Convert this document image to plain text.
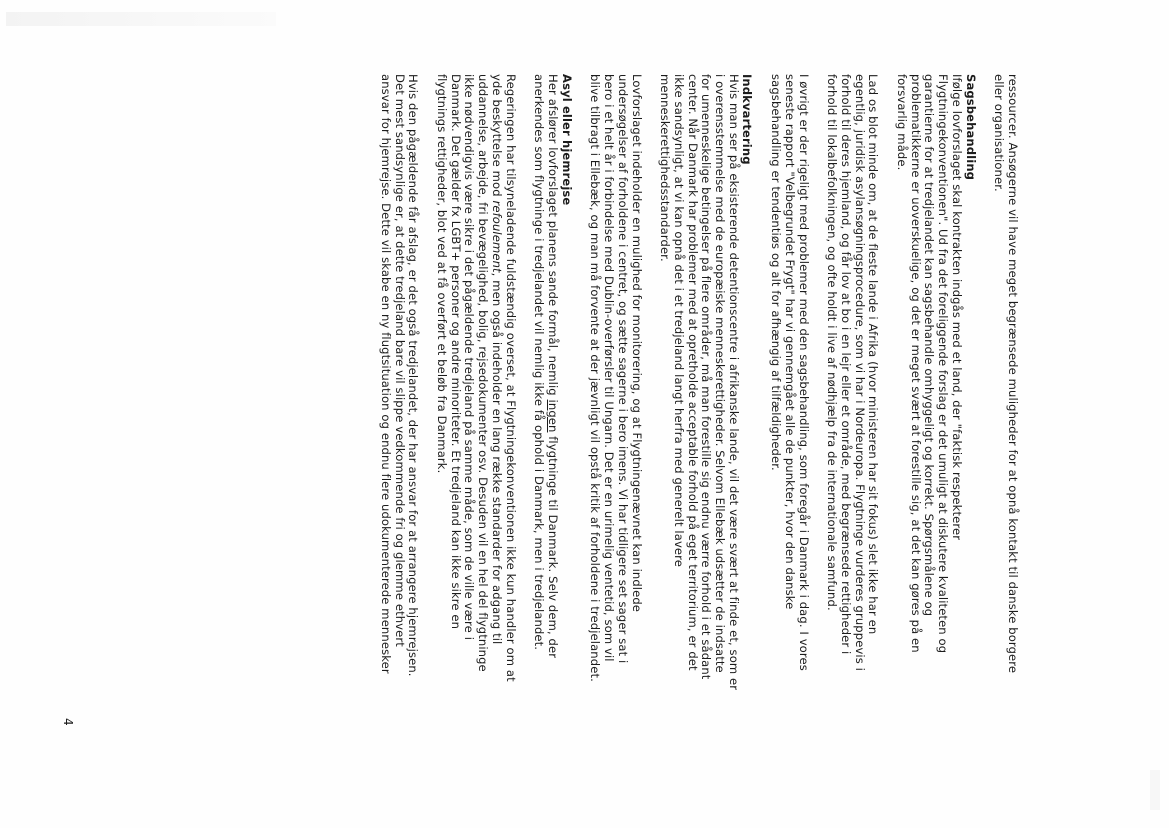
ressourcer. Ansøgerne vil have meget begrænsede muligheder for at opnå kontakt til danske borgere
eller organisationer.

Sagsbehandling
Ifølge lovforslaget skal kontrakten indgås med et land, der "faktisk respekterer
Flygtningekonventionen". Ud fra det foreliggende forslag er det umuligt at diskutere kvaliteten og
garantierne for at tredjelandet kan sagsbehandle omhyggeligt og korrekt. Spørgsmålene og
problematikkerne er uoverskuelige, og det er meget svært at forestille sig, at det kan gøres på en
forsvarlig måde.

Lad os blot minde om, at de fleste lande i Afrika (hvor ministeren har sit fokus) slet ikke har en
egentlig, juridisk asylansøgningsprocedure, som vi har i Nordeuropa. Flygtninge vurderes gruppevis i
forhold til deres hjemland, og får lov at bo i en lejr eller et område, med begrænsede rettigheder i
forhold til lokalbefolkningen, og ofte holdt i live af nødhjælp fra de internationale samfund.

I øvrigt er der rigeligt med problemer med den sagsbehandling, som foregår i Danmark i dag. I vores
seneste rapport "Velbegrundet Frygt" har vi gennemgået alle de punkter, hvor den danske
sagsbehandling er tendentiøs og alt for afhængig af tilfældigheder.

Indkvartering
Hvis man ser på eksisterende detentionscentre i afrikanske lande, vil det være svært at finde et, som er
i overensstemmelse med de europæiske menneskerettigheder. Selvom Ellebæk udsætter de indsatte
for umenneskelige betingelser på flere områder, må man forestille sig endnu værre forhold i et sådant
center. Når Danmark har problemer med at opretholde acceptable forhold på eget territorium, er det
ikke sandsynligt, at vi kan opnå det i et tredjeland langt herfra med generelt lavere
menneskerettighedsstandarder.

Lovforslaget indeholder en mulighed for monitorering, og at Flygtningenævnet kan indlede
undersøgelser af forholdene i centret, og sætte sagerne i bero imens. Vi har tidligere set sager sat i
bero i et helt år i forbindelse med Dublin-overførsler til Ungarn. Det er en urimelig ventetid, som vil
blive tilbragt i Ellebæk, og man må forvente at der jævnligt vil opstå kritik af forholdene i tredjelandet.

Asyl eller hjemrejse
Her afslører lovforslaget planens sande formål, nemlig ingen flygtninge til Danmark. Selv dem, der
anerkendes som flygtninge i tredjelandet vil nemlig ikke få ophold i Danmark, men i tredjelandet.

Regeringen har tilsyneladende fuldstændig overset, at Flygtningekonventionen ikke kun handler om at
yde beskyttelse mod refoulement, men også indeholder en lang række standarder for adgang til
uddannelse, arbejde, fri bevægelighed, bolig, rejsedokumenter osv. Desuden vil en hel del flygtninge
ikke nødvendigvis være sikre i det pågældende tredjeland på samme måde, som de ville være i
Danmark. Det gælder fx LGBT+ personer og andre minoriteter. Et tredjeland kan ikke sikre en
flygtnings rettigheder, blot ved at få overført et beløb fra Danmark.

Hvis den pågældende får afslag, er det også tredjelandet, der har ansvar for at arrangere hjemrejsen.
Det mest sandsynlige er, at dette tredjeland bare vil slippe vedkommende fri og glemme ethvert
ansvar for hjemrejse. Dette vil skabe en ny flugtsituation og endnu flere udokumenterede mennesker

4
